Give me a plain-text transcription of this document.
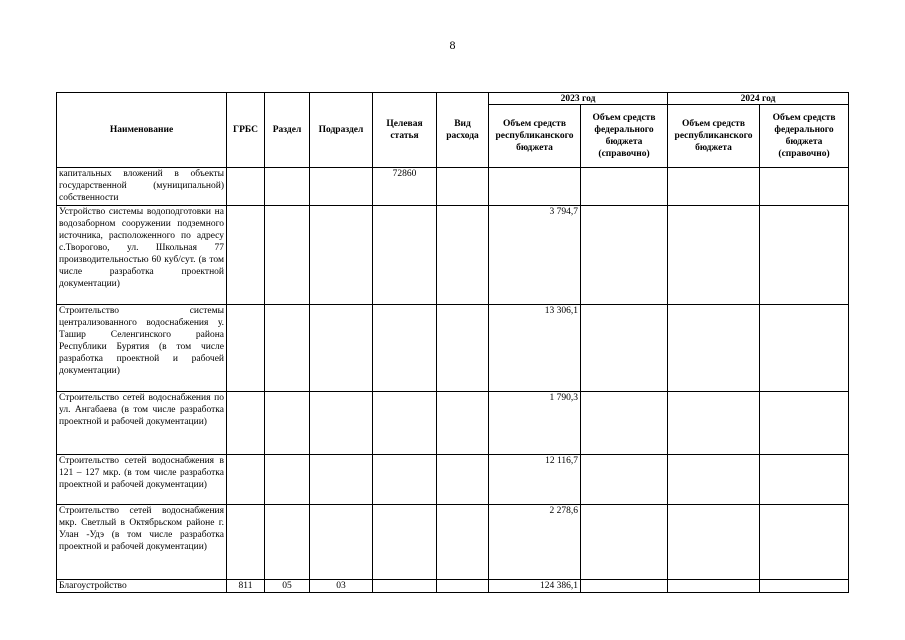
8
Наименование	ГРБС	Раздел	Подраздел	Целевая статья	Вид расхода	2023 год		2024 год	
						Объем средств республиканского бюджета	Объем средств федерального бюджета (справочно)	Объем средств республиканского бюджета	Объем средств федерального бюджета (справочно)
капитальных вложений в объекты государственной (муниципальной) собственности				72860					
Устройство системы водоподготовки на водозаборном сооружении подземного источника, расположенного по адресу с.Творогово, ул. Школьная 77 производительностью 60 куб/сут. (в том числе разработка проектной документации)						3 794,7			
Строительство системы централизованного водоснабжения у. Ташир Селенгинского района Республики Бурятия (в том числе разработка проектной и рабочей документации)						13 306,1			
Строительство сетей водоснабжения по ул. Ангабаева (в том числе разработка проектной и рабочей документации)						1 790,3			
Строительство сетей водоснабжения в 121 – 127 мкр. (в том числе разработка проектной и рабочей документации)						12 116,7			
Строительство сетей водоснабжения мкр. Светлый в Октябрьском районе г. Улан -Удэ (в том числе разработка проектной и рабочей документации)						2 278,6			
Благоустройство	811	05	03			124 386,1			
